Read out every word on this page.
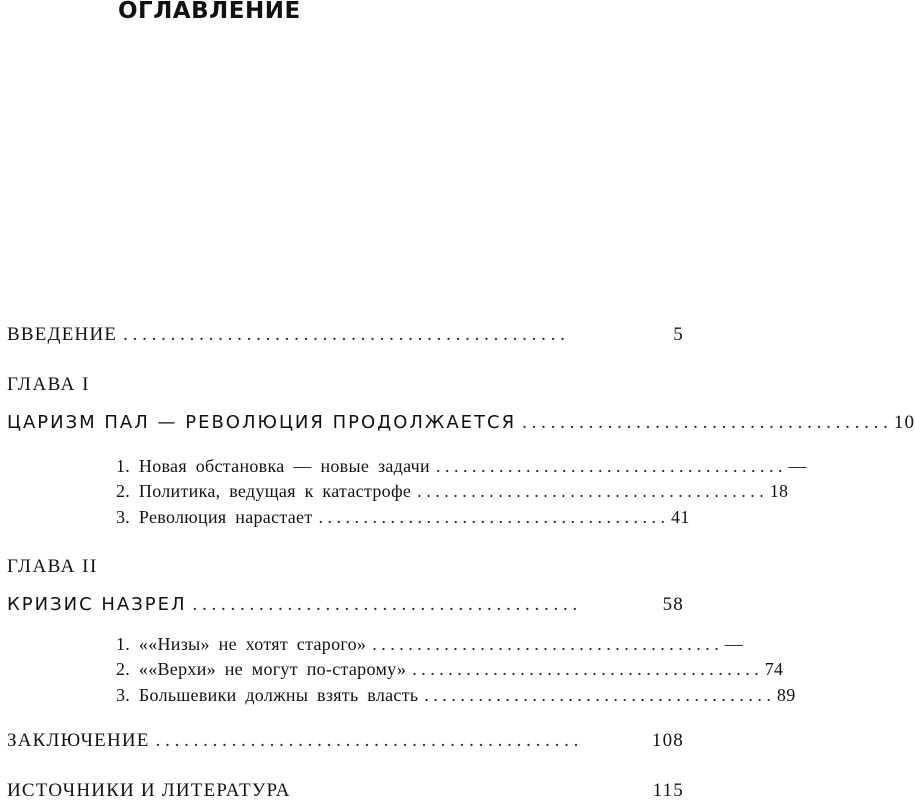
ОГЛАВЛЕНИЕ
ВВЕДЕНИЕ . . . . . . . . . . . . . . . . . . . . . . . . . . . . . . . . . . . . . . . . . . . . . . .	5
ГЛАВА I
ЦАРИЗМ ПАЛ — РЕВОЛЮЦИЯ ПРОДОЛЖАЕТСЯ . . . . . . . . . . . . . . . . . . . . . . . . . . . . . . . . . . . . . . . 10
1. Новая обстановка — новые задачи . . . . . . . . . . . . . . . . . . . . . . . . . . . . . . . . . . . . . . . —
2. Политика, ведущая к катастрофе . . . . . . . . . . . . . . . . . . . . . . . . . . . . . . . . . . . . . . . 18
3. Революция нарастает . . . . . . . . . . . . . . . . . . . . . . . . . . . . . . . . . . . . . . . 41
ГЛАВА II
КРИЗИС НАЗРЕЛ . . . . . . . . . . . . . . . . . . . . . . . . . . . . . . . . . . . . . . . . .	58
1. ««Низы» не хотят старого» . . . . . . . . . . . . . . . . . . . . . . . . . . . . . . . . . . . . . . . —
2. ««Верхи» не могут по-старому» . . . . . . . . . . . . . . . . . . . . . . . . . . . . . . . . . . . . . . . 74
3. Большевики должны взять власть . . . . . . . . . . . . . . . . . . . . . . . . . . . . . . . . . . . . . . . 89
ЗАКЛЮЧЕНИЕ . . . . . . . . . . . . . . . . . . . . . . . . . . . . . . . . . . . . . . . . . . . . .	108
ИСТОЧНИКИ И ЛИТЕРАТУРА	115
